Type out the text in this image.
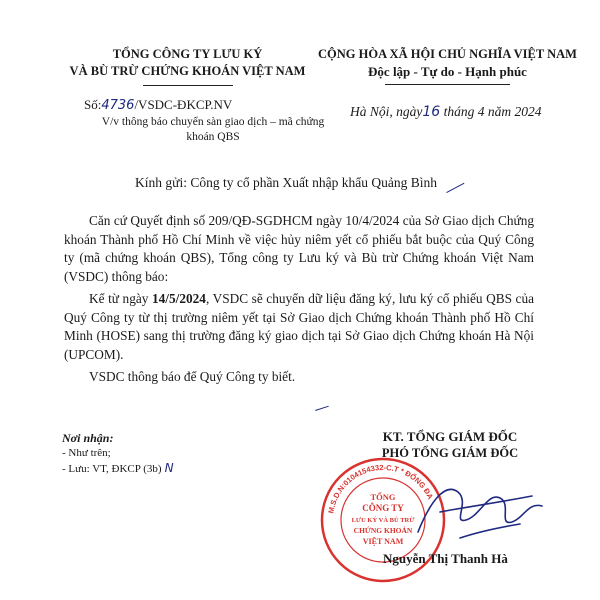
TỔNG CÔNG TY LƯU KÝ
VÀ BÙ TRỪ CHỨNG KHOÁN VIỆT NAM
CỘNG HÒA XÃ HỘI CHỦ NGHĨA VIỆT NAM
Độc lập - Tự do - Hạnh phúc
Số:4736/VSDC-ĐKCP.NV
V/v thông báo chuyển sàn giao dịch – mã chứng khoán QBS
Hà Nội, ngày16 tháng 4 năm 2024
Kính gửi: Công ty cổ phần Xuất nhập khẩu Quảng Bình

Căn cứ Quyết định số 209/QĐ-SGDHCM ngày 10/4/2024 của Sở Giao dịch Chứng khoán Thành phố Hồ Chí Minh về việc hủy niêm yết cổ phiếu bắt buộc của Quý Công ty (mã chứng khoán QBS), Tổng công ty Lưu ký và Bù trừ Chứng khoán Việt Nam (VSDC) thông báo:

Kể từ ngày 14/5/2024, VSDC sẽ chuyển dữ liệu đăng ký, lưu ký cổ phiếu QBS của Quý Công ty từ thị trường niêm yết tại Sở Giao dịch Chứng khoán Thành phố Hồ Chí Minh (HOSE) sang thị trường đăng ký giao dịch tại Sở Giao dịch Chứng khoán Hà Nội (UPCOM).

VSDC thông báo để Quý Công ty biết.

Nơi nhận:
- Như trên;
- Lưu: VT, ĐKCP (3b) N
KT. TỔNG GIÁM ĐỐC
PHÓ TỔNG GIÁM ĐỐC
M.S.D.N:0104154332-C.T * ĐỐNG ĐA
TỔNG
CÔNG TY
LƯU KÝ VÀ BÙ TRỪ
CHỨNG KHOÁN
VIỆT NAM
Nguyễn Thị Thanh Hà
